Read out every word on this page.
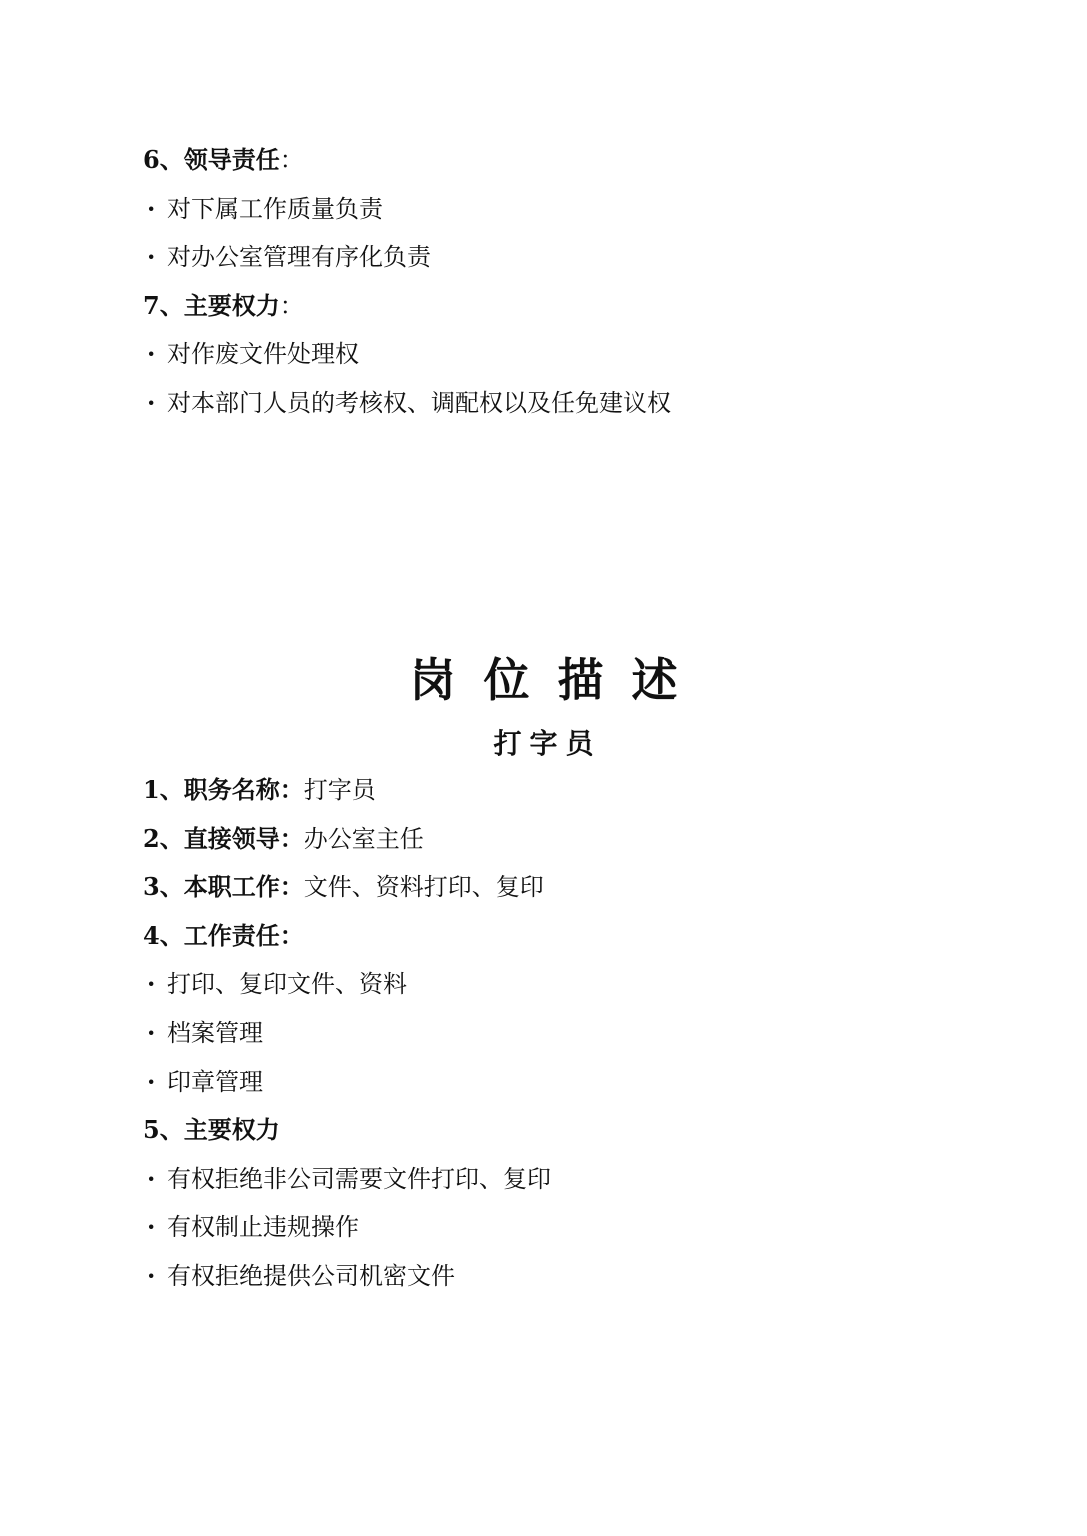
6、领导责任：
· 对下属工作质量负责
· 对办公室管理有序化负责
7、主要权力：
· 对作废文件处理权
· 对本部门人员的考核权、调配权以及任免建议权
岗位描述
打字员
1、职务名称：打字员
2、直接领导：办公室主任
3、本职工作：文件、资料打印、复印
4、工作责任：
· 打印、复印文件、资料
· 档案管理
· 印章管理
5、主要权力
· 有权拒绝非公司需要文件打印、复印
· 有权制止违规操作
· 有权拒绝提供公司机密文件
